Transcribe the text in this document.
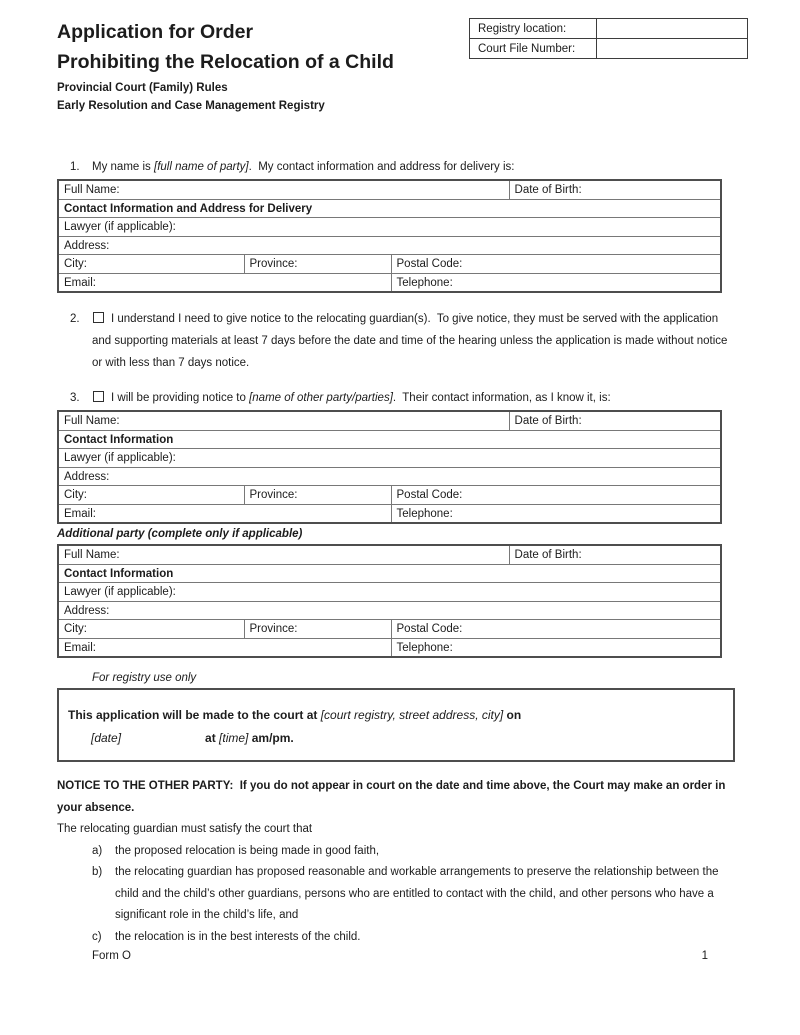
Registry location:	
Court File Number:	
Application for Order
Prohibiting the Relocation of a Child
Provincial Court (Family) Rules
Early Resolution and Case Management Registry
1.	My name is [full name of party].  My contact information and address for delivery is:
Full Name:			Date of Birth:
Contact Information and Address for Delivery			
Lawyer (if applicable):			
Address:			
City:	Province:	Postal Code:	
Email:		Telephone:	
2.	I understand I need to give notice to the relocating guardian(s).  To give notice, they must be served with the application and supporting materials at least 7 days before the date and time of the hearing unless the application is made without notice or with less than 7 days notice.
3.	I will be providing notice to [name of other party/parties].  Their contact information, as I know it, is:
Full Name:			Date of Birth:
Contact Information			
Lawyer (if applicable):			
Address:			
City:	Province:	Postal Code:	
Email:		Telephone:	
Additional party (complete only if applicable)
Full Name:			Date of Birth:
Contact Information			
Lawyer (if applicable):			
Address:			
City:	Province:	Postal Code:	
Email:		Telephone:	
For registry use only
This application will be made to the court at [court registry, street address, city] on
[date]	at [time] am/pm.
NOTICE TO THE OTHER PARTY:  If you do not appear in court on the date and time above, the Court may make an order in your absence.
The relocating guardian must satisfy the court that
a)	the proposed relocation is being made in good faith,
b)	the relocating guardian has proposed reasonable and workable arrangements to preserve the relationship between the child and the child’s other guardians, persons who are entitled to contact with the child, and other persons who have a significant role in the child’s life, and
c)	the relocation is in the best interests of the child.
Form O	1
